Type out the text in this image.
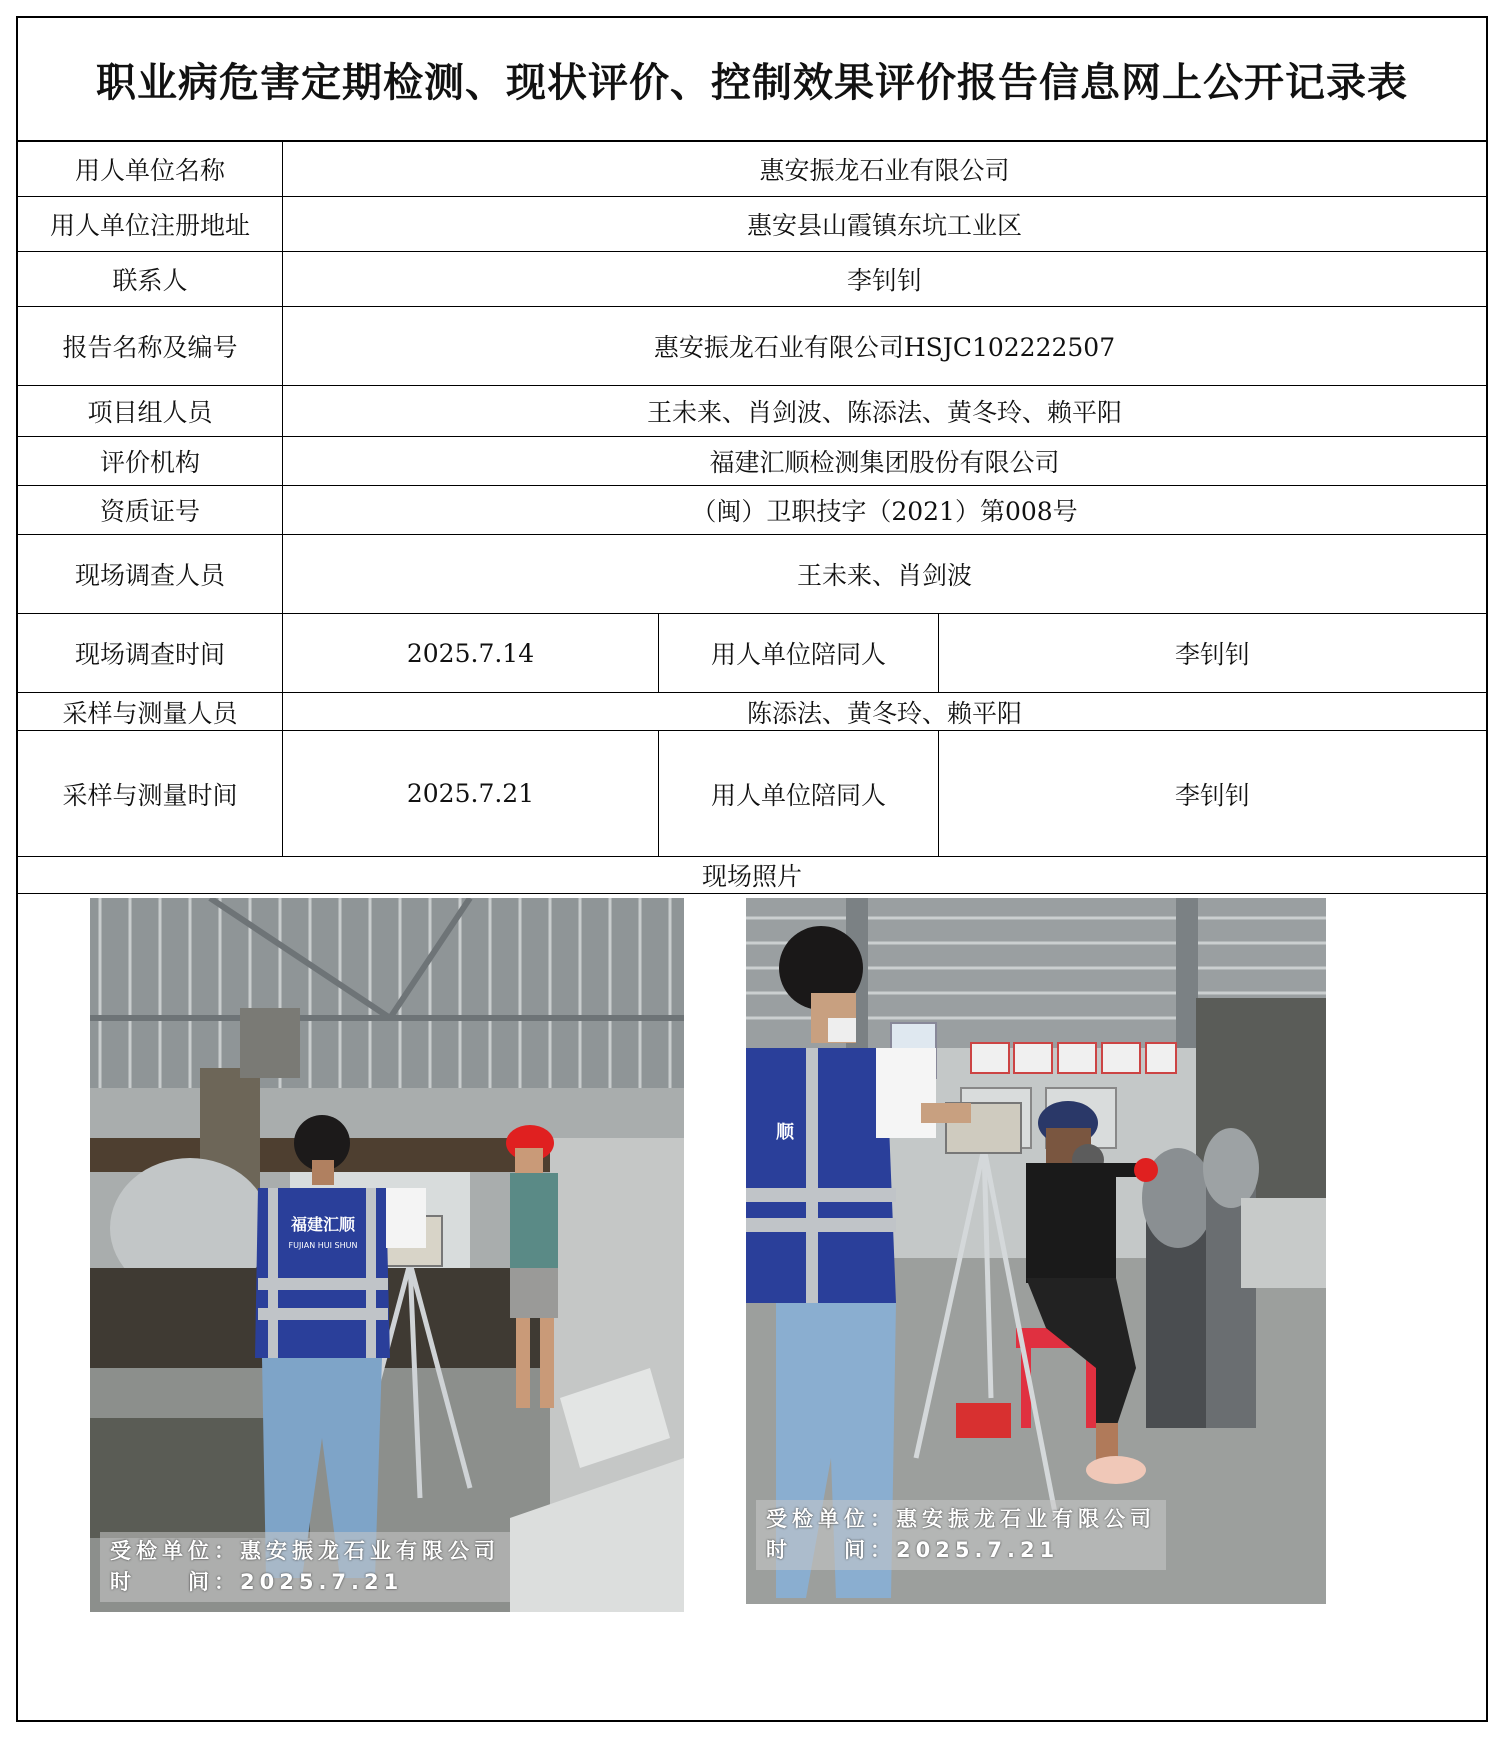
职业病危害定期检测、现状评价、控制效果评价报告信息网上公开记录表
用人单位名称	惠安振龙石业有限公司
用人单位注册地址	惠安县山霞镇东坑工业区
联系人	李钊钊
报告名称及编号	惠安振龙石业有限公司HSJC102222507
项目组人员	王未来、肖剑波、陈添法、黄冬玲、赖平阳
评价机构	福建汇顺检测集团股份有限公司
资质证号	（闽）卫职技字（2021）第008号
现场调查人员	王未来、肖剑波
现场调查时间	2025.7.14	用人单位陪同人	李钊钊
采样与测量人员	陈添法、黄冬玲、赖平阳
采样与测量时间	2025.7.21	用人单位陪同人	李钊钊
现场照片
福建汇顺
FUJIAN HUI SHUN
受检单位：惠安振龙石业有限公司
时　　间：2025.7.21
顺
受检单位：惠安振龙石业有限公司
时　　间：2025.7.21
